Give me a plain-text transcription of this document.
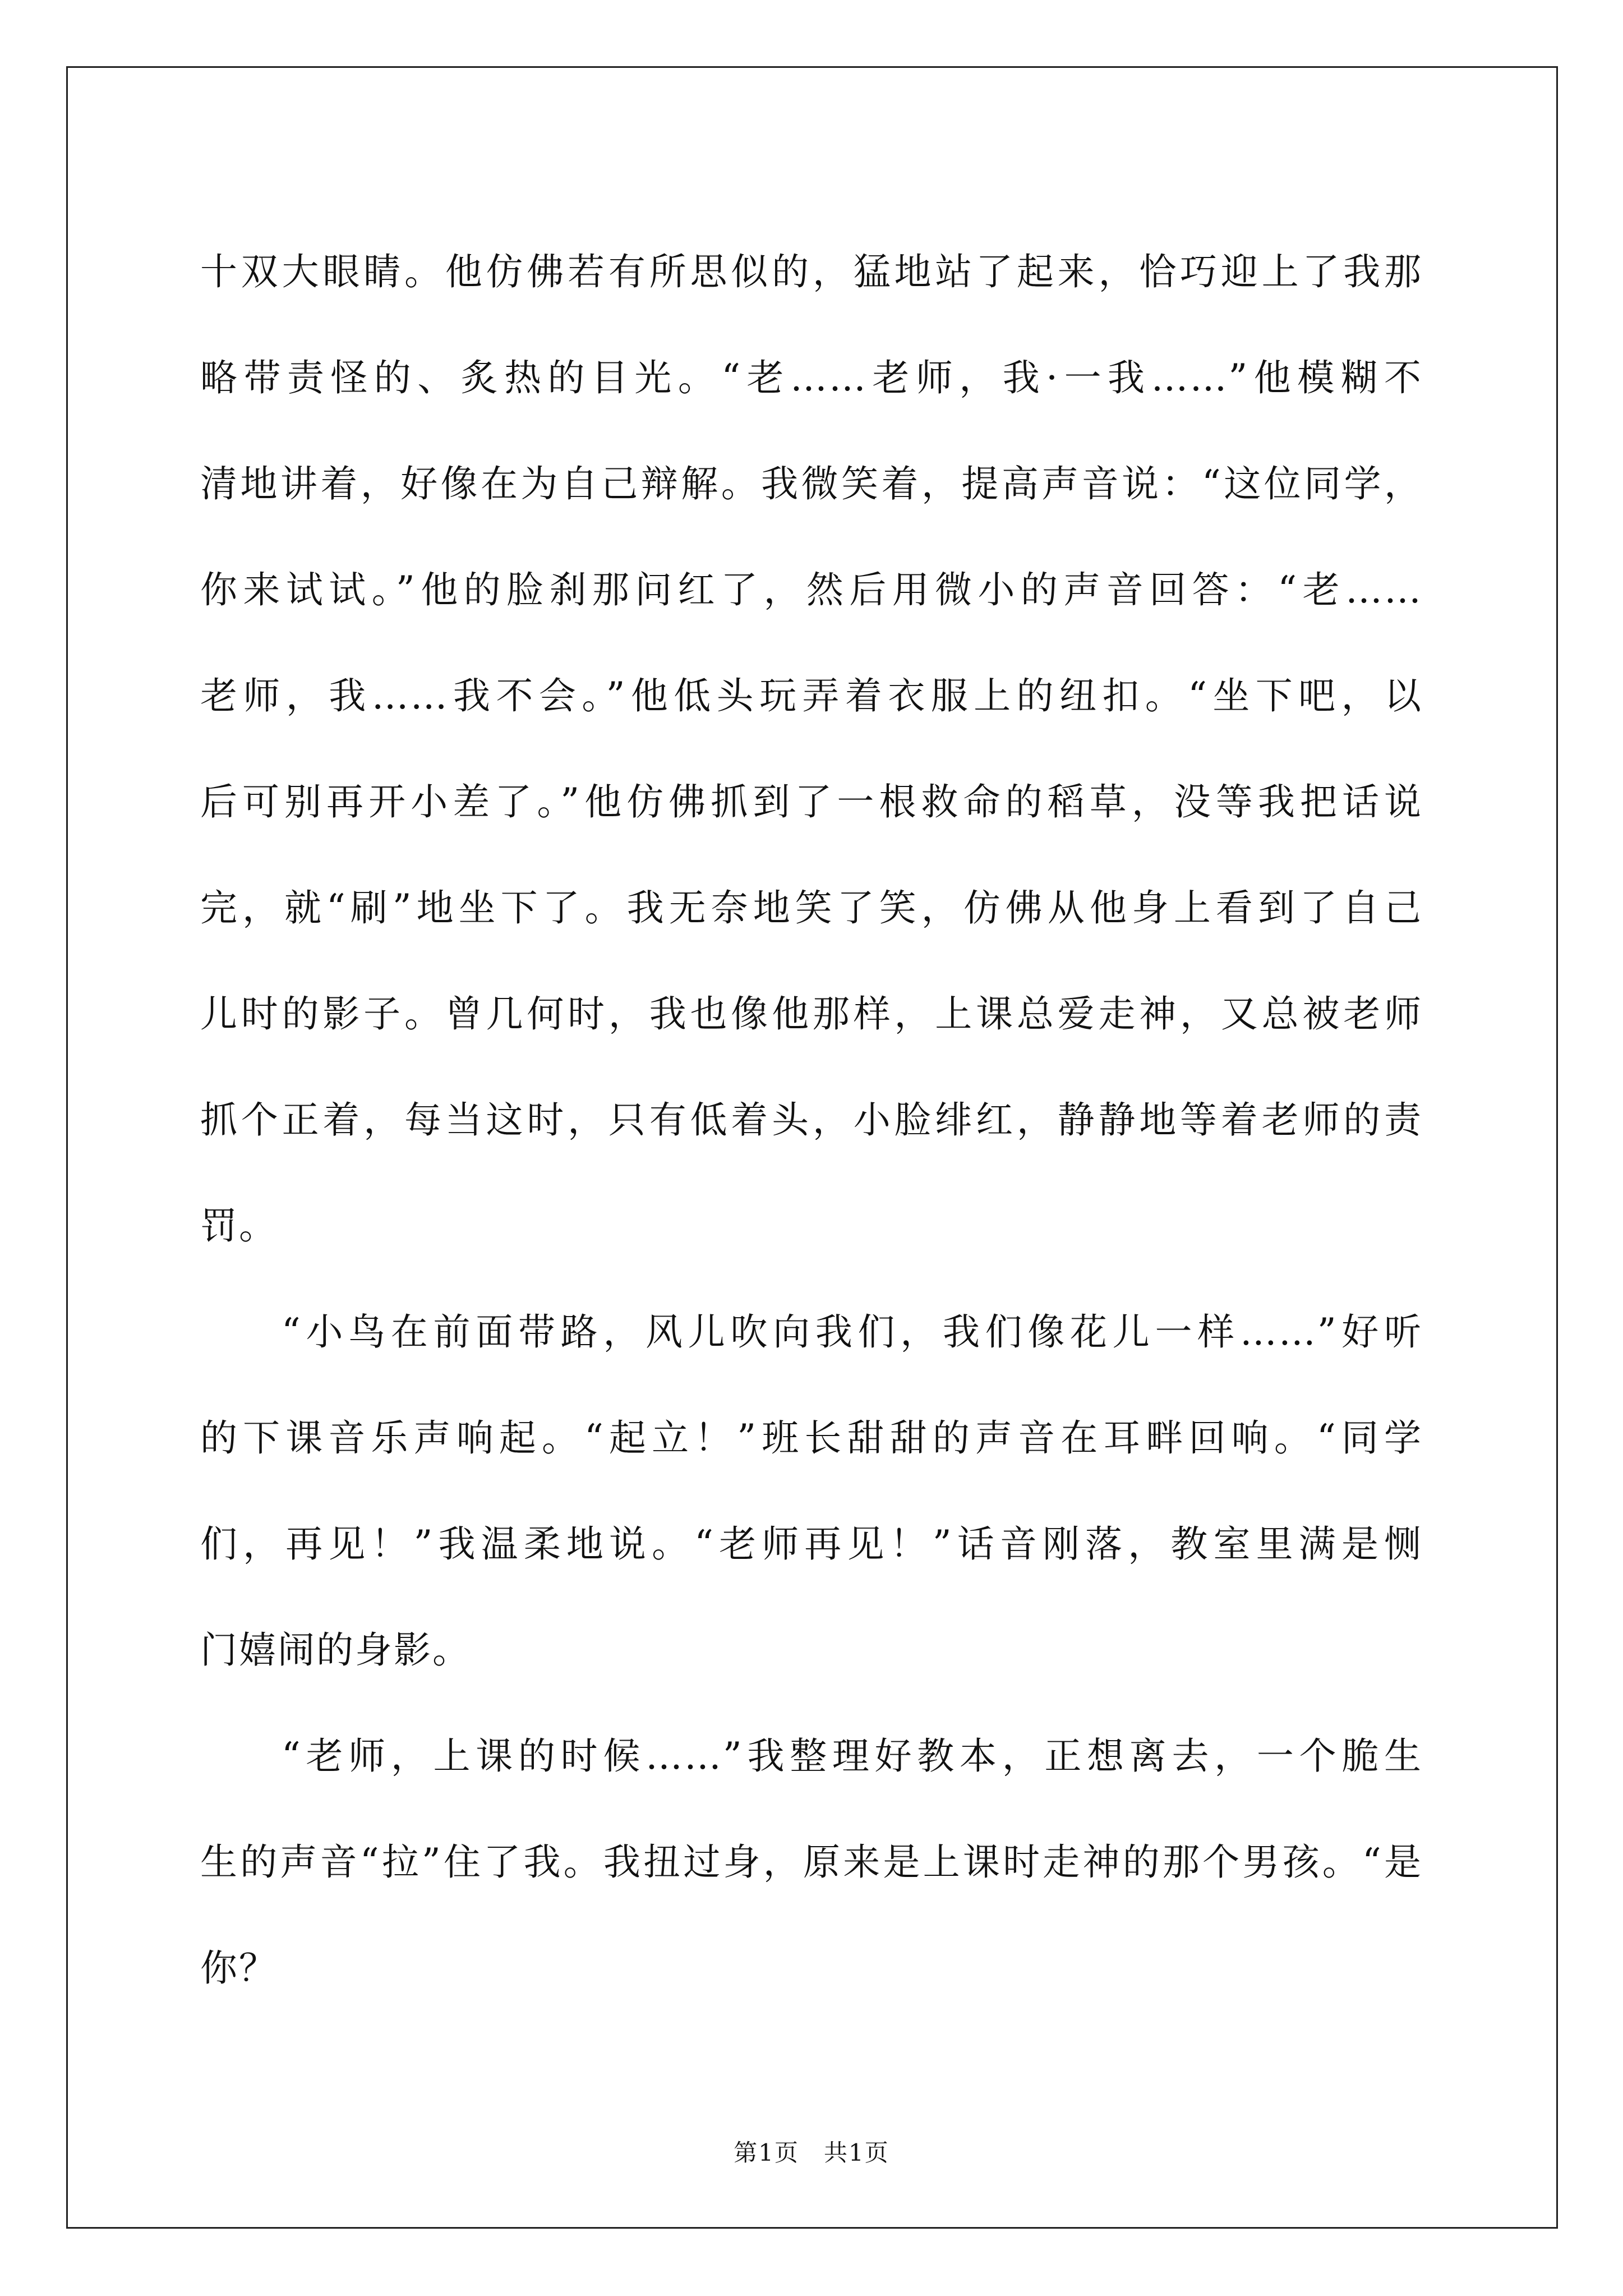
十双大眼睛。他仿佛若有所思似的，猛地站了起来，恰巧迎上了我那
略带责怪的、炙热的目光。“老……老师，我·一我……”他模糊不
清地讲着，好像在为自己辩解。我微笑着，提高声音说：“这位同学，
你来试试。”他的脸刹那问红了，然后用微小的声音回答：“老……
老师，我……我不会。”他低头玩弄着衣服上的纽扣。“坐下吧，以
后可别再开小差了。”他仿佛抓到了一根救命的稻草，没等我把话说
完，就“刷”地坐下了。我无奈地笑了笑，仿佛从他身上看到了自己
儿时的影子。曾几何时，我也像他那样，上课总爱走神，又总被老师
抓个正着，每当这时，只有低着头，小脸绯红，静静地等着老师的责
罚。
“小鸟在前面带路，风儿吹向我们，我们像花儿一样……”好听
的下课音乐声响起。“起立！”班长甜甜的声音在耳畔回响。“同学
们，再见！”我温柔地说。“老师再见！”话音刚落，教室里满是恻
门嬉闹的身影。
“老师，上课的时候……”我整理好教本，正想离去，一个脆生
生的声音“拉”住了我。我扭过身，原来是上课时走神的那个男孩。“是
你？
第1页　共1页
